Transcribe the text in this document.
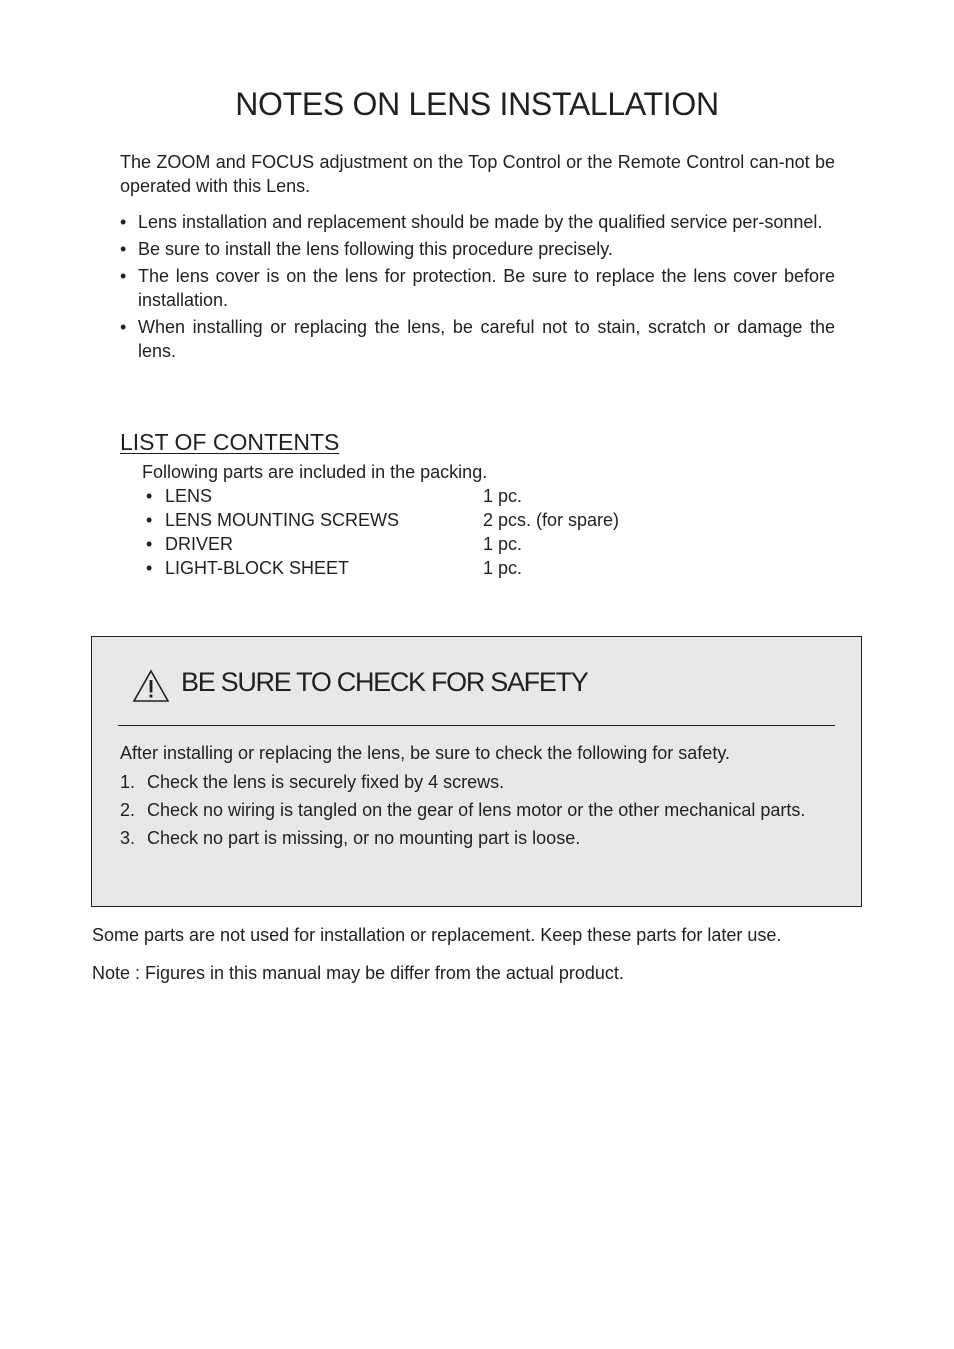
NOTES ON LENS INSTALLATION

The ZOOM and FOCUS adjustment on the Top Control or the Remote Control can-not be operated with this Lens.

• Lens installation and replacement should be made by the qualified service per-sonnel.
• Be sure to install the lens following this procedure precisely.
• The lens cover is on the lens for protection. Be sure to replace the lens cover before installation.
• When installing or replacing the lens, be careful not to stain, scratch or damage the lens.
LIST OF CONTENTS
Following parts are included in the packing.
• LENS	1 pc.
• LENS MOUNTING SCREWS	2 pcs. (for spare)
• DRIVER	1 pc.
• LIGHT-BLOCK SHEET	1 pc.
BE SURE TO CHECK FOR SAFETY
After installing or replacing the lens, be sure to check the following for safety.
1. Check the lens is securely fixed by 4 screws.
2. Check no wiring is tangled on the gear of lens motor or the other mechanical parts.
3. Check no part is missing, or no mounting part is loose.
Some parts are not used for installation or replacement. Keep these parts for later use.
Note : Figures in this manual may be differ from the actual product.
